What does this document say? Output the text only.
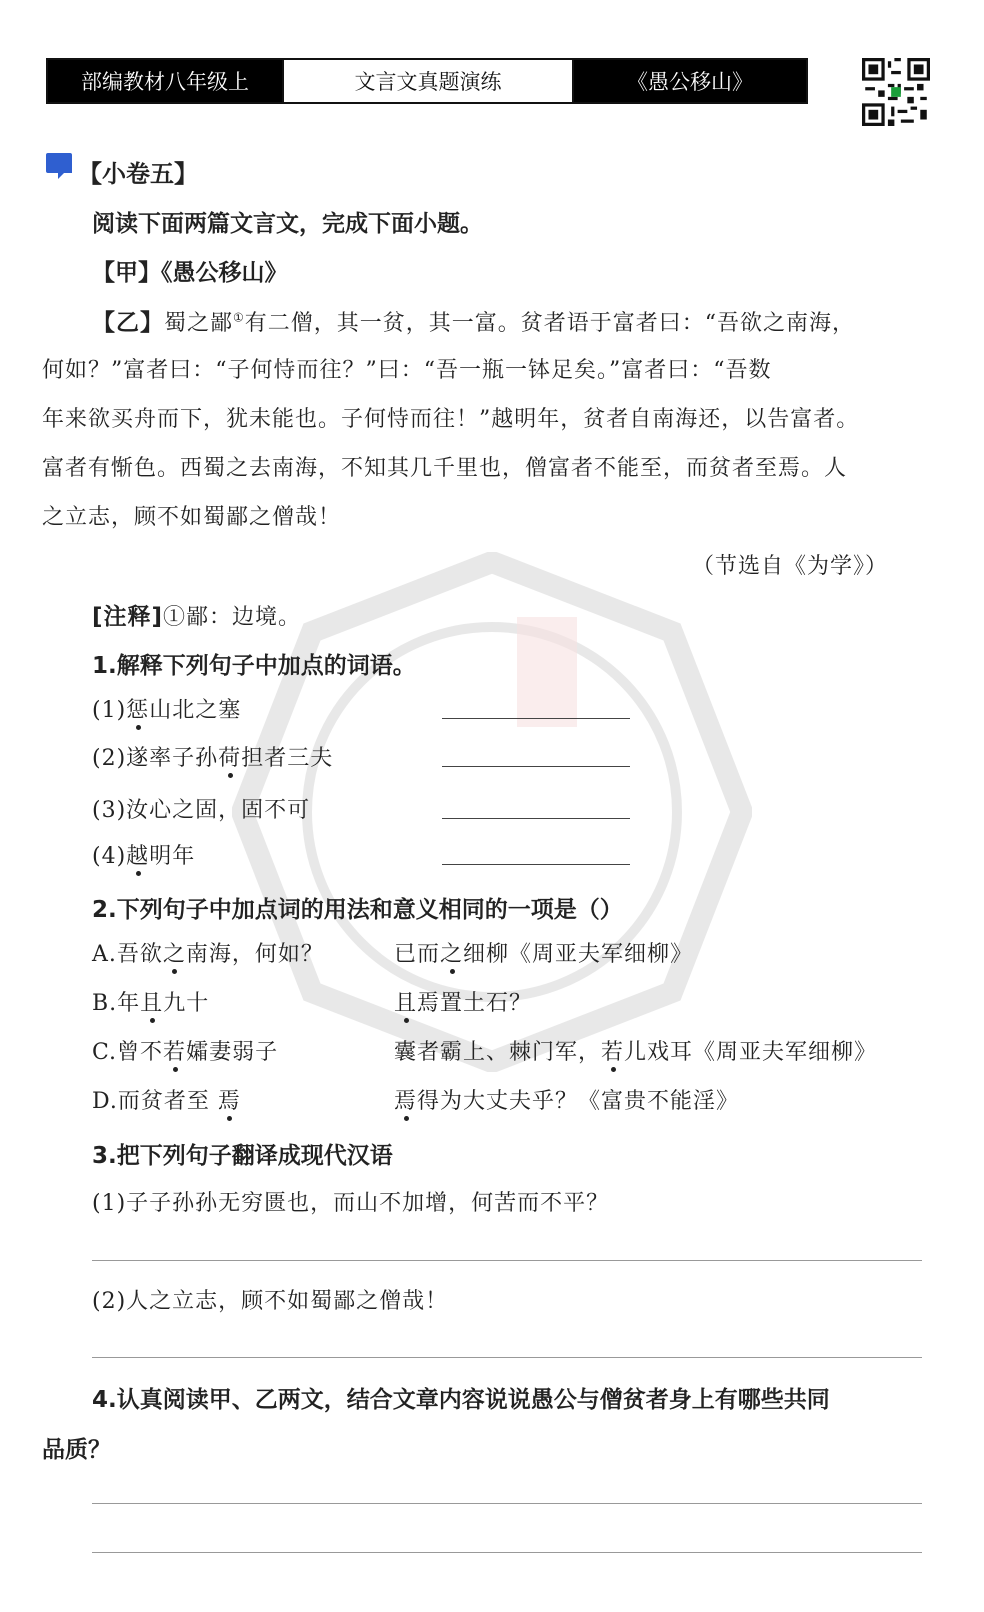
部编教材八年级上	文言文真题演练	《愚公移山》
【小卷五】
阅读下面两篇文言文，完成下面小题。
【甲】《愚公移山》
【乙】蜀之鄙①有二僧，其一贫，其一富。贫者语于富者曰：“吾欲之南海，
何如？”富者曰：“子何恃而往？”曰：“吾一瓶一钵足矣。”富者曰：“吾数
年来欲买舟而下，犹未能也。子何恃而往！”越明年，贫者自南海还，以告富者。
富者有惭色。西蜀之去南海，不知其几千里也，僧富者不能至，而贫者至焉。人
之立志，顾不如蜀鄙之僧哉！
（节选自《为学》）
[注释]①鄙：边境。
1.解释下列句子中加点的词语。
(1)惩山北之塞
(2)遂率子孙荷担者三夫
(3)汝心之固，固不可
(4)越明年
2.下列句子中加点词的用法和意义相同的一项是（）
A.吾欲之南海，何如？	已而之细柳《周亚夫军细柳》
B.年且九十	且焉置土石？
C.曾不若孀妻弱子	囊者霸上、棘门军，若儿戏耳《周亚夫军细柳》
D.而贫者至 焉	焉得为大丈夫乎？《富贵不能淫》
3.把下列句子翻译成现代汉语
(1)子子孙孙无穷匮也，而山不加增，何苦而不平？
(2)人之立志，顾不如蜀鄙之僧哉！
4.认真阅读甲、乙两文，结合文章内容说说愚公与僧贫者身上有哪些共同
品质？
